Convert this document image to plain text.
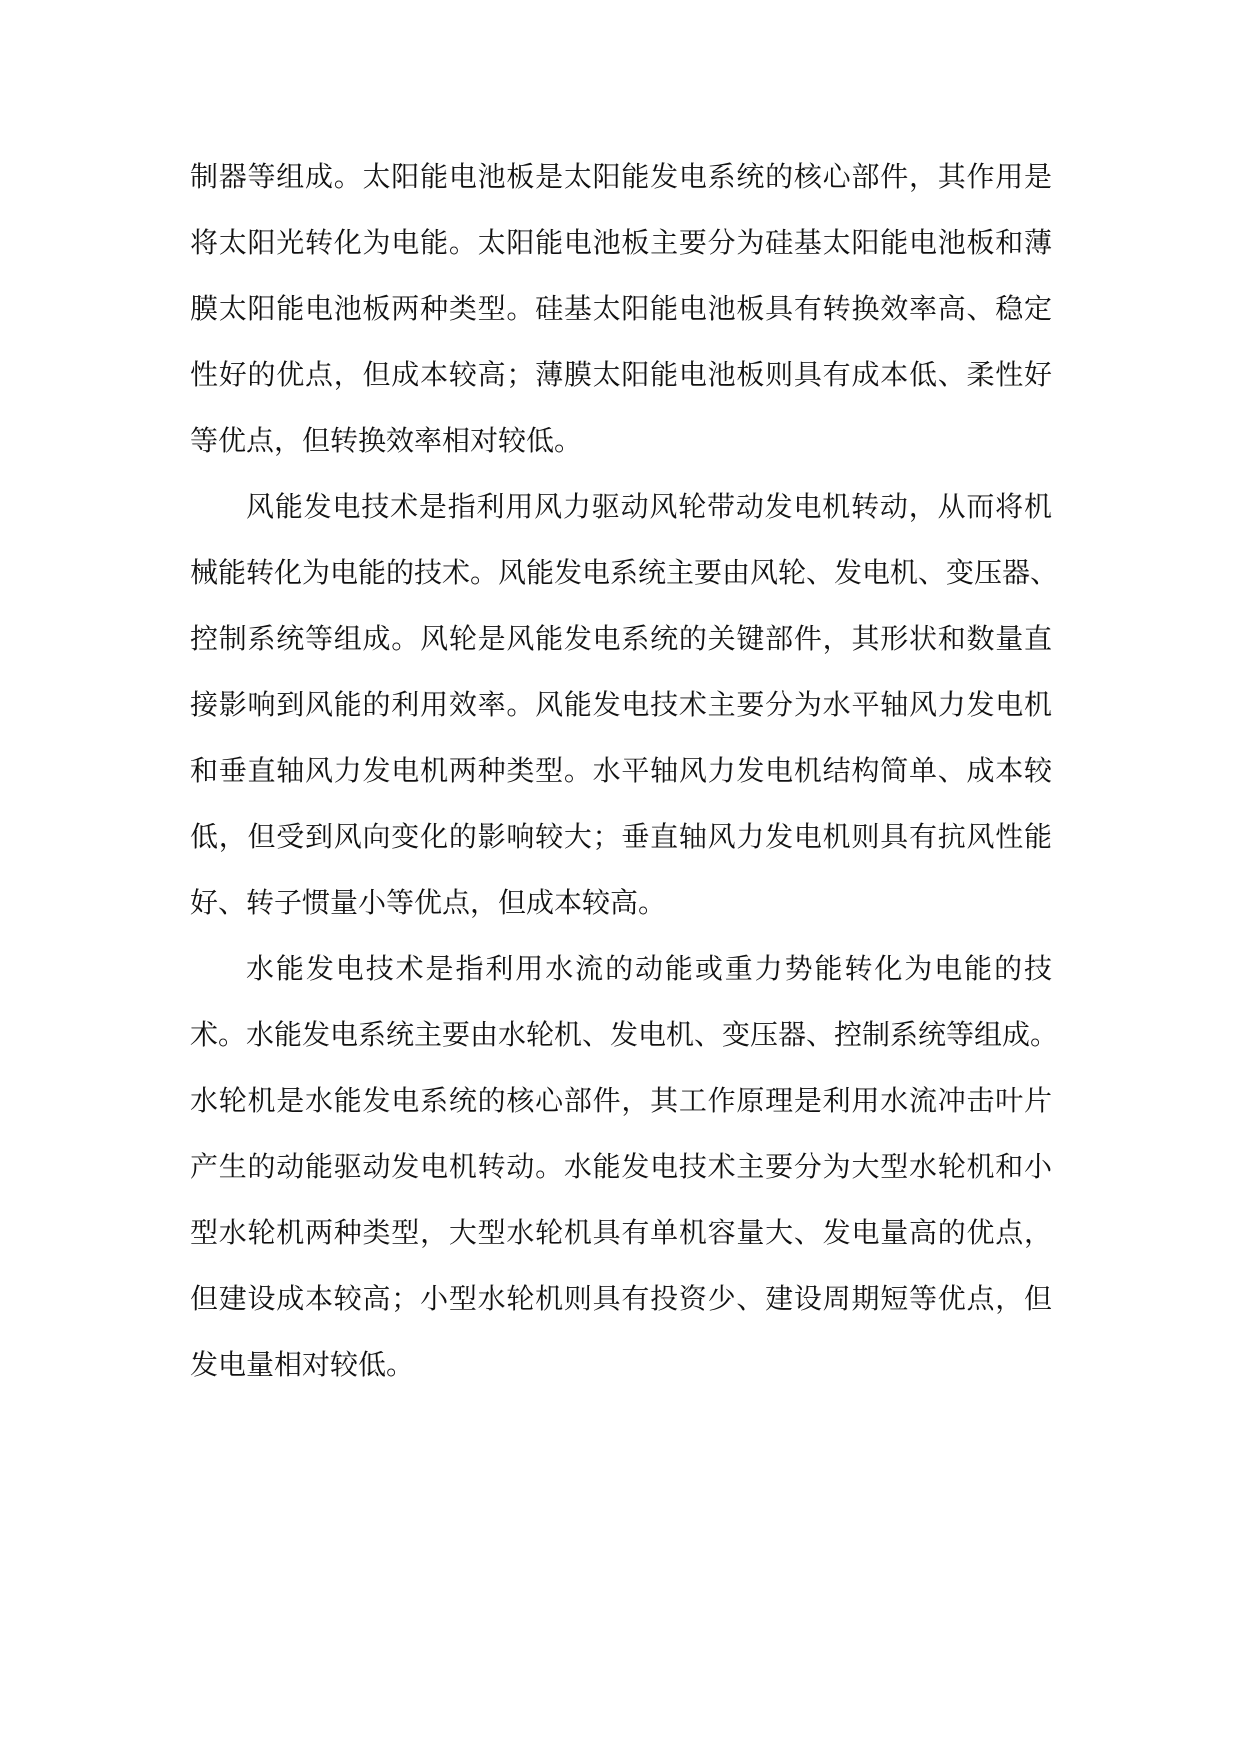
制器等组成。太阳能电池板是太阳能发电系统的核心部件，其作用是
将太阳光转化为电能。太阳能电池板主要分为硅基太阳能电池板和薄
膜太阳能电池板两种类型。硅基太阳能电池板具有转换效率高、稳定
性好的优点，但成本较高；薄膜太阳能电池板则具有成本低、柔性好
等优点，但转换效率相对较低。
风能发电技术是指利用风力驱动风轮带动发电机转动，从而将机
械能转化为电能的技术。风能发电系统主要由风轮、发电机、变压器、
控制系统等组成。风轮是风能发电系统的关键部件，其形状和数量直
接影响到风能的利用效率。风能发电技术主要分为水平轴风力发电机
和垂直轴风力发电机两种类型。水平轴风力发电机结构简单、成本较
低，但受到风向变化的影响较大；垂直轴风力发电机则具有抗风性能
好、转子惯量小等优点，但成本较高。
水能发电技术是指利用水流的动能或重力势能转化为电能的技
术。水能发电系统主要由水轮机、发电机、变压器、控制系统等组成。
水轮机是水能发电系统的核心部件，其工作原理是利用水流冲击叶片
产生的动能驱动发电机转动。水能发电技术主要分为大型水轮机和小
型水轮机两种类型，大型水轮机具有单机容量大、发电量高的优点，
但建设成本较高；小型水轮机则具有投资少、建设周期短等优点，但
发电量相对较低。
